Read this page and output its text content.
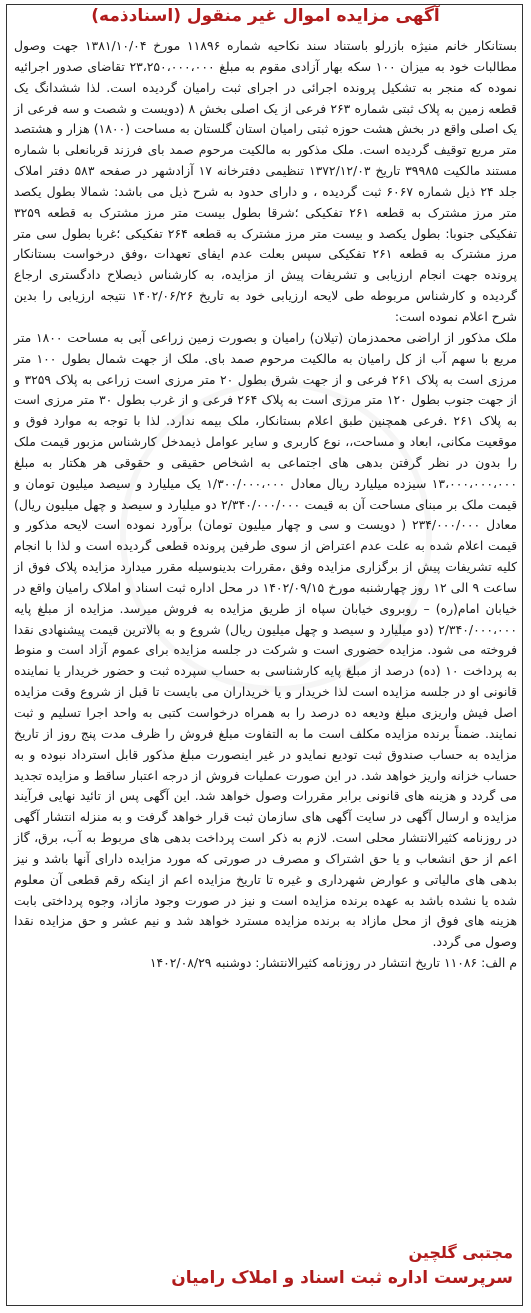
آگهی مزایده اموال غیر منقول (اسنادذمه)

بستانکار خانم منیژه بازرلو باستناد سند نکاحیه شماره ۱۱۸۹۶ مورخ ۱۳۸۱/۱۰/۰۴ جهت وصول مطالبات خود به میزان ۱۰۰ سکه بهار آزادی مقوم به مبلغ ۲۳،۲۵۰،۰۰۰،۰۰۰ تقاضای صدور اجرائیه نموده که منجر به تشکیل پرونده اجرائی در اجرای ثبت رامیان گردیده است. لذا ششدانگ یک قطعه زمین به پلاک ثبتی شماره ۲۶۳ فرعی از یک اصلی بخش ۸ (دویست و شصت و سه فرعی از یک اصلی واقع در بخش هشت حوزه ثبتی رامیان استان گلستان به مساحت (۱۸۰۰) هزار و هشتصد متر مربع توقیف گردیده است. ملک مذکور به مالکیت مرحوم صمد بای فرزند قربانعلی با شماره مستند مالکیت ۳۹۹۸۵ تاریخ ۱۳۷۲/۱۲/۰۳ تنظیمی دفترخانه ۱۷ آزادشهر در صفحه ۵۸۳ دفتر املاک جلد ۲۴ ذیل شماره ۶۰۶۷ ثبت گردیده ، و دارای حدود به شرح ذیل می باشد: شمالا بطول یکصد متر مرز مشترک به قطعه ۲۶۱ تفکیکی ؛شرقا بطول بیست متر مرز مشترک به قطعه ۳۲۵۹ تفکیکی جنوبا: بطول یکصد و بیست متر مرز مشترک به قطعه ۲۶۴ تفکیکی ؛غربا بطول سی متر مرز مشترک به قطعه ۲۶۱ تفکیکی سپس بعلت عدم ایفای تعهدات ،وفق درخواست بستانکار پرونده جهت انجام ارزیابی و تشریفات پیش از مزایده، به کارشناس ذیصلاح دادگستری ارجاع گردیده و کارشناس مربوطه طی لایحه ارزیابی خود به تاریخ ۱۴۰۲/۰۶/۲۶ نتیجه ارزیابی را بدین شرح اعلام نموده است:

ملک مذکور از اراضی محمدزمان (تیلان) رامیان و بصورت زمین زراعی آبی به مساحت ۱۸۰۰ متر مربع با سهم آب از کل رامیان به مالکیت مرحوم صمد بای. ملک از جهت شمال بطول ۱۰۰ متر مرزی است به پلاک ۲۶۱ فرعی و از جهت شرق بطول ۲۰ متر مرزی است زراعی به پلاک ۳۲۵۹ و از جهت جنوب بطول ۱۲۰ متر مرزی است به پلاک ۲۶۴ فرعی و از غرب بطول ۳۰ متر مرزی است به پلاک ۲۶۱ .فرعی همچنین طبق اعلام بستانکار، ملک بیمه ندارد. لذا با توجه به موارد فوق و موقعیت مکانی، ابعاد و مساحت،، نوع کاربری و سایر عوامل ذیمدخل کارشناس مزبور قیمت ملک را بدون در نظر گرفتن بدهی های اجتماعی به اشخاص حقیقی و حقوقی هر هکتار به مبلغ ۱۳،۰۰۰،۰۰۰،۰۰۰ سیزده میلیارد ریال معادل ۱/۳۰۰/۰۰۰،۰۰۰ یک میلیارد و سیصد میلیون تومان و قیمت ملک بر مبنای مساحت آن به قیمت ۲/۳۴۰/۰۰۰/۰۰۰ دو میلیارد و سیصد و چهل میلیون ریال) معادل ۲۳۴/۰۰۰/۰۰۰ ( دویست و سی و چهار میلیون تومان) برآورد نموده است لایحه مذکور و قیمت اعلام شده به علت عدم اعتراض از سوی طرفین پرونده قطعی گردیده است و لذا با انجام کلیه تشریفات پیش از برگزاری مزایده وفق ،مقررات بدینوسیله مقرر میدارد مزایده پلاک فوق از ساعت ۹ الی ۱۲ روز چهارشنبه مورخ ۱۴۰۲/۰۹/۱۵ در محل اداره ثبت اسناد و املاک رامیان واقع در خیابان امام(ره) – روبروی خیابان سپاه از طریق مزایده به فروش میرسد. مزایده از مبلغ پایه ۲/۳۴۰/۰۰۰،۰۰۰ (دو میلیارد و سیصد و چهل میلیون ریال) شروع و به بالاترین قیمت پیشنهادی نقدا فروخته می شود. مزایده حضوری است و شرکت در جلسه مزایده برای عموم آزاد است و منوط به پرداخت ۱۰ (ده) درصد از مبلغ پایه کارشناسی به حساب سپرده ثبت و حضور خریدار یا نماینده قانونی او در جلسه مزایده است لذا خریدار و یا خریداران می بایست تا قبل از شروع وقت مزایده اصل فیش واریزی مبلغ ودیعه ده درصد را به همراه درخواست کتبی به واحد اجرا تسلیم و ثبت نمایند. ضمناً برنده مزایده مکلف است ما به التفاوت مبلغ فروش را ظرف مدت پنج روز از تاریخ مزایده به حساب صندوق ثبت تودیع نمایدو در غیر اینصورت مبلغ مذکور قابل استرداد نبوده و به حساب خزانه واریز خواهد شد. در این صورت عملیات فروش از درجه اعتبار ساقط و مزایده تجدید می گردد و هزینه های قانونی برابر مقررات وصول خواهد شد. این آگهی پس از تائید نهایی فرآیند مزایده و ارسال آگهی در سایت آگهی های سازمان ثبت قرار خواهد گرفت و به منزله انتشار آگهی در روزنامه کثیرالانتشار محلی است. لازم به ذکر است پرداخت بدهی های مربوط به آب، برق، گاز اعم از حق انشعاب و یا حق اشتراک و مصرف در صورتی که مورد مزایده دارای آنها باشد و نیز بدهی های مالیاتی و عوارض شهرداری و غیره تا تاریخ مزایده اعم از اینکه رقم قطعی آن معلوم شده یا نشده باشد به عهده برنده مزایده است و نیز در صورت وجود مازاد، وجوه پرداختی بابت هزینه های فوق از محل مازاد به برنده مزایده مسترد خواهد شد و نیم عشر و حق مزایده نقدا وصول می گردد.

م الف: ۱۱۰۸۶ تاریخ انتشار در روزنامه کثیرالانتشار: دوشنبه ۱۴۰۲/۰۸/۲۹

مجتبی گلچین
سرپرست اداره ثبت اسناد و املاک رامیان
